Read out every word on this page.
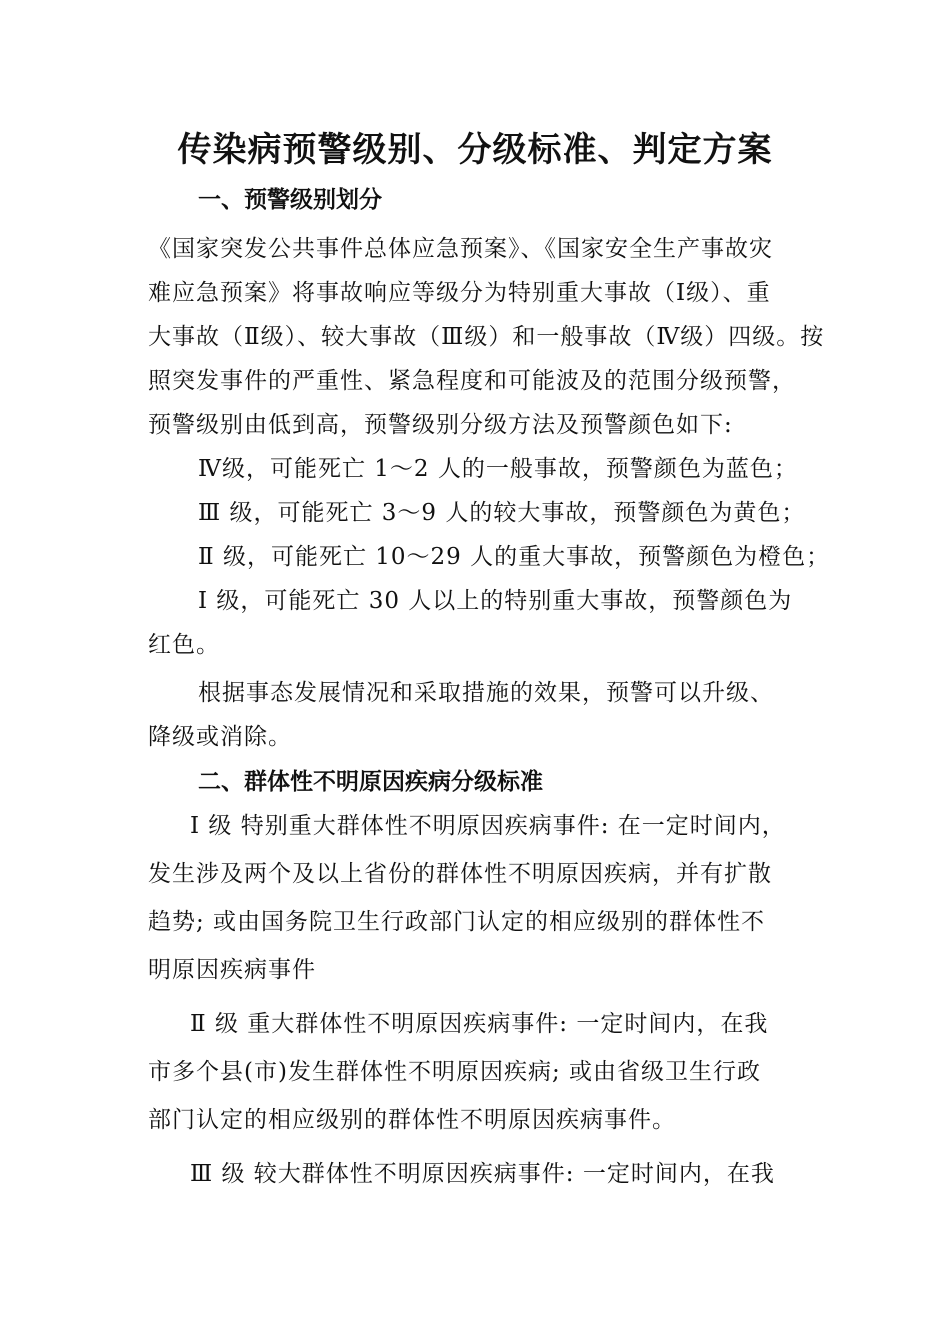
传染病预警级别、分级标准、判定方案
一、预警级别划分
《国家突发公共事件总体应急预案》、《国家安全生产事故灾
难应急预案》将事故响应等级分为特别重大事故（Ⅰ级）、重
大事故（Ⅱ级）、较大事故（Ⅲ级）和一般事故（Ⅳ级）四级。按
照突发事件的严重性、紧急程度和可能波及的范围分级预警，
预警级别由低到高，预警级别分级方法及预警颜色如下:
Ⅳ级，可能死亡 1～2 人的一般事故，预警颜色为蓝色；
Ⅲ 级，可能死亡 3～9 人的较大事故，预警颜色为黄色；
Ⅱ 级，可能死亡 10～29 人的重大事故，预警颜色为橙色；
Ⅰ 级，可能死亡 30 人以上的特别重大事故，预警颜色为
红色。
根据事态发展情况和采取措施的效果，预警可以升级、
降级或消除。
二、群体性不明原因疾病分级标准
Ⅰ 级 特别重大群体性不明原因疾病事件: 在一定时间内，
发生涉及两个及以上省份的群体性不明原因疾病，并有扩散
趋势; 或由国务院卫生行政部门认定的相应级别的群体性不
明原因疾病事件
Ⅱ 级 重大群体性不明原因疾病事件: 一定时间内，在我
市多个县(市)发生群体性不明原因疾病; 或由省级卫生行政
部门认定的相应级别的群体性不明原因疾病事件。
Ⅲ 级 较大群体性不明原因疾病事件: 一定时间内，在我
